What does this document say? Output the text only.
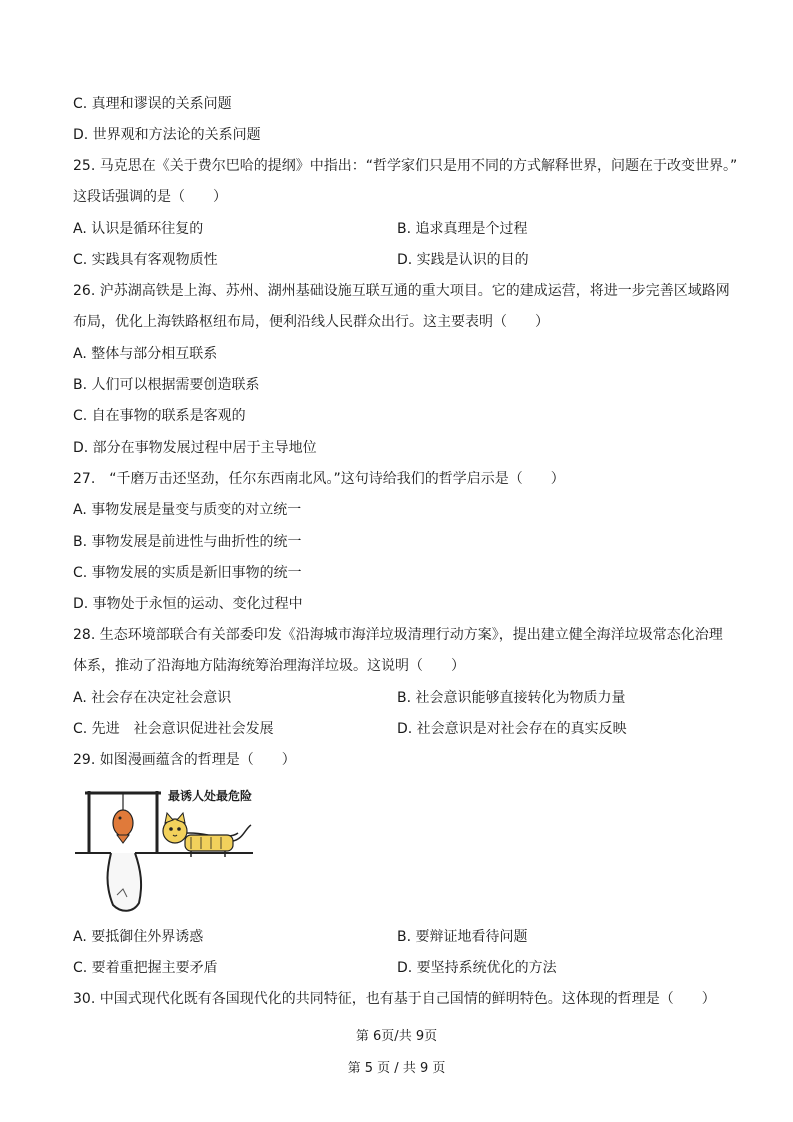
C. 真理和谬误的关系问题
D. 世界观和方法论的关系问题
25. 马克思在《关于费尔巴哈的提纲》中指出：“哲学家们只是用不同的方式解释世界，问题在于改变世界。”
这段话强调的是（　　）
A. 认识是循环往复的	B. 追求真理是个过程
C. 实践具有客观物质性	D. 实践是认识的目的
26. 沪苏湖高铁是上海、苏州、湖州基础设施互联互通的重大项目。它的建成运营，将进一步完善区域路网
布局，优化上海铁路枢纽布局，便利沿线人民群众出行。这主要表明（　　）
A. 整体与部分相互联系
B. 人们可以根据需要创造联系
C. 自在事物的联系是客观的
D. 部分在事物发展过程中居于主导地位
27.　“千磨万击还坚劲，任尔东西南北风。”这句诗给我们的哲学启示是（　　）
A. 事物发展是量变与质变的对立统一
B. 事物发展是前进性与曲折性的统一
C. 事物发展的实质是新旧事物的统一
D. 事物处于永恒的运动、变化过程中
28. 生态环境部联合有关部委印发《沿海城市海洋垃圾清理行动方案》，提出建立健全海洋垃圾常态化治理
体系，推动了沿海地方陆海统筹治理海洋垃圾。这说明（　　）
A. 社会存在决定社会意识	B. 社会意识能够直接转化为物质力量
C. 先进　社会意识促进社会发展	D. 社会意识是对社会存在的真实反映
29. 如图漫画蕴含的哲理是（　　）
最诱人处最危险
A. 要抵御住外界诱惑	B. 要辩证地看待问题
C. 要着重把握主要矛盾	D. 要坚持系统优化的方法
30. 中国式现代化既有各国现代化的共同特征，也有基于自己国情的鲜明特色。这体现的哲理是（　　）
第 6页/共 9页
第 5 页 / 共 9 页
